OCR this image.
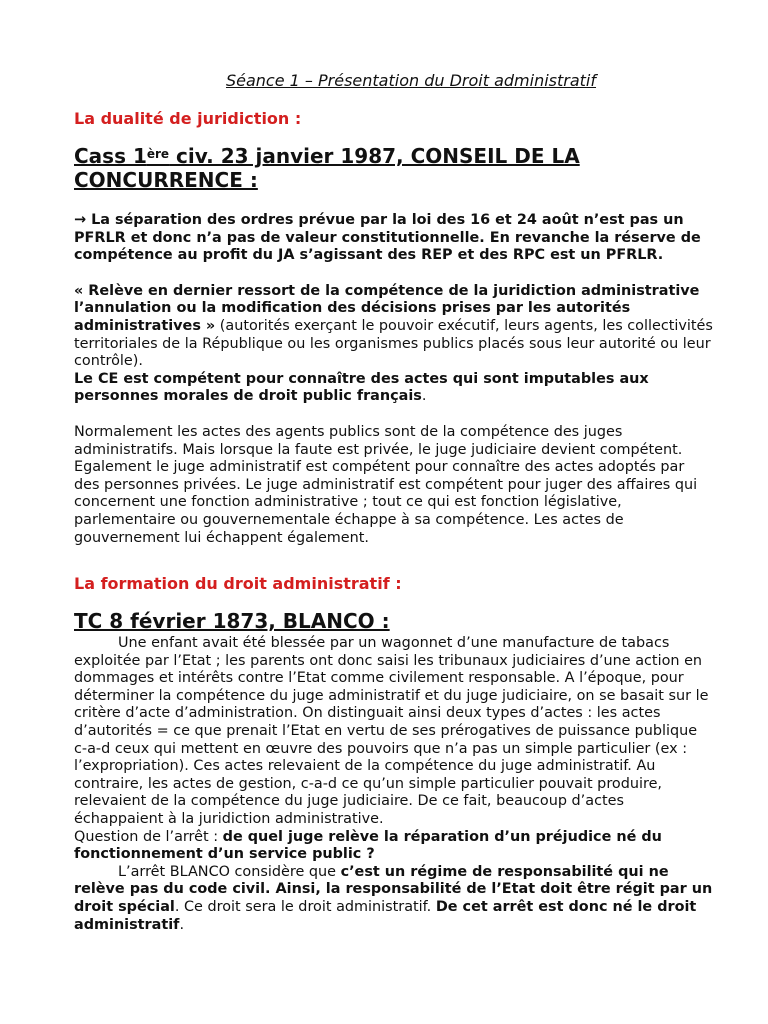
Séance 1 – Présentation du Droit administratif
La dualité de juridiction :
Cass 1ère civ. 23 janvier 1987, CONSEIL DE LA CONCURRENCE :

→ La séparation des ordres prévue par la loi des 16 et 24 août n’est pas un PFRLR et donc n’a pas de valeur constitutionnelle. En revanche la réserve de compétence au profit du JA s’agissant des REP et des RPC est un PFRLR.

« Relève en dernier ressort de la compétence de la juridiction administrative l’annulation ou la modification des décisions prises par les autorités administratives » (autorités exerçant le pouvoir exécutif, leurs agents, les collectivités territoriales de la République ou les organismes publics placés sous leur autorité ou leur contrôle).

Le CE est compétent pour connaître des actes qui sont imputables aux personnes morales de droit public français.

Normalement les actes des agents publics sont de la compétence des juges administratifs. Mais lorsque la faute est privée, le juge judiciaire devient compétent. Egalement le juge administratif est compétent pour connaître des actes adoptés par des personnes privées. Le juge administratif est compétent pour juger des affaires qui concernent une fonction administrative ; tout ce qui est fonction législative, parlementaire ou gouvernementale échappe à sa compétence. Les actes de gouvernement lui échappent également.

La formation du droit administratif :
TC 8 février 1873, BLANCO :

Une enfant avait été blessée par un wagonnet d’une manufacture de tabacs exploitée par l’Etat ; les parents ont donc saisi les tribunaux judiciaires d’une action en dommages et intérêts contre l’Etat comme civilement responsable. A l’époque, pour déterminer la compétence du juge administratif et du juge judiciaire, on se basait sur le critère d’acte d’administration. On distinguait ainsi deux types d’actes : les actes d’autorités = ce que prenait l’Etat en vertu de ses prérogatives de puissance publique c-a-d ceux qui mettent en œuvre des pouvoirs que n’a pas un simple particulier (ex : l’expropriation). Ces actes relevaient de la compétence du juge administratif. Au contraire, les actes de gestion, c-a-d ce qu’un simple particulier pouvait produire, relevaient de la compétence du juge judiciaire. De ce fait, beaucoup d’actes échappaient à la juridiction administrative.

Question de l’arrêt : de quel juge relève la réparation d’un préjudice né du fonctionnement d’un service public ?

L’arrêt BLANCO considère que c’est un régime de responsabilité qui ne relève pas du code civil. Ainsi, la responsabilité de l’Etat doit être régit par un droit spécial. Ce droit sera le droit administratif. De cet arrêt est donc né le droit administratif.
